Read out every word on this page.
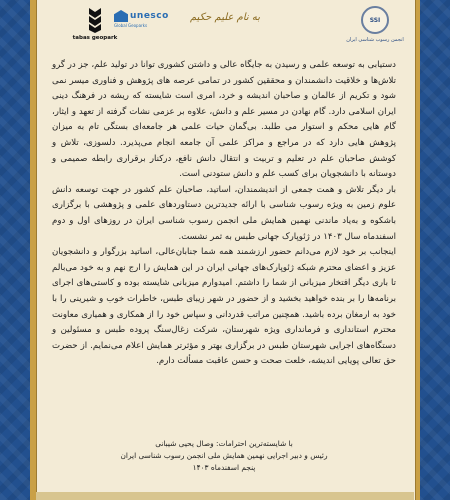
tabas geopark
unesco
Global Geoparks
به نام علیم حکیم	SSI
انجمن رسوب شناسی ایران

دستیابی به توسعه علمی و رسیدن به جایگاه عالی و داشتن کشوری توانا در تولید علم، جز در گرو تلاش‌ها و خلاقیت دانشمندان و محققین کشور در تمامی عرصه های پژوهش و فناوری میسر نمی شود و تکریم از عالمان و صاحبان اندیشه و خرد، امری است شایسته که ریشه در فرهنگ دینی ایران اسلامی دارد. گام نهادن در مسیر علم و دانش، علاوه بر عزمی نشات گرفته از تعهد و ایثار، گام هایی محکم و استوار می طلبد. بی‌گمان حیات علمی هر جامعه‌ای بستگی تام به میزان پژوهش هایی دارد که در مراجع و مراکز علمی آن جامعه انجام می‌پذیرد. دلسوزی، تلاش و کوشش صاحبان علم در تعلیم و تربیت و انتقال دانش نافع، درکنار برقراری رابطه صمیمی و دوستانه با دانشجویان برای کسب علم و دانش ستودنی است.

بار دیگر تلاش و همت جمعی از اندیشمندان، اساتید، صاحبان علم کشور در جهت توسعه دانش علوم زمین به ویژه رسوب شناسی با ارائه جدیدترین دستاوردهای علمی و پژوهشی با برگزاری باشکوه و به‌یاد ماندنی نهمین همایش ملی انجمن رسوب شناسی ایران در روزهای اول و دوم اسفندماه سال ۱۴۰۳ در ژئوپارک جهانی طبس به ثمر نشست.

اینجانب بر خود لازم می‌دانم حضور ارزشمند همه شما جنابان‌عالی، اساتید بزرگوار و دانشجویان عزیز و اعضای محترم شبکه ژئوپارک‌های جهانی ایران در این همایش را ارج نهم و به خود می‌بالم تا باری دیگر افتخار میزبانی از شما را داشتم. امیدوارم میزبانی شایسته بوده و کاستی‌های اجرای برنامه‌ها را بر بنده خواهید بخشید و از حضور در شهر زیبای طبس، خاطرات خوب و شیرینی را با خود به ارمغان برده باشید. همچنین مراتب قدردانی و سپاس خود را از همکاری و همیاری معاونت محترم استانداری و فرمانداری ویژه شهرستان، شرکت زغال‌سنگ پروده طبس و مسئولین و دستگاه‌های اجرایی شهرستان طبس در برگزاری بهتر و مؤثرتر همایش اعلام می‌نمایم. از حضرت حق تعالی پویایی اندیشه، خلعت صحت و حسن عاقبت مسألت دارم.

با شایسته‌ترین احترامات: وصال یحیی شیبانی
رئیس و دبیر اجرایی نهمین همایش ملی انجمن رسوب شناسی ایران
پنجم اسفندماه ۱۴۰۳
